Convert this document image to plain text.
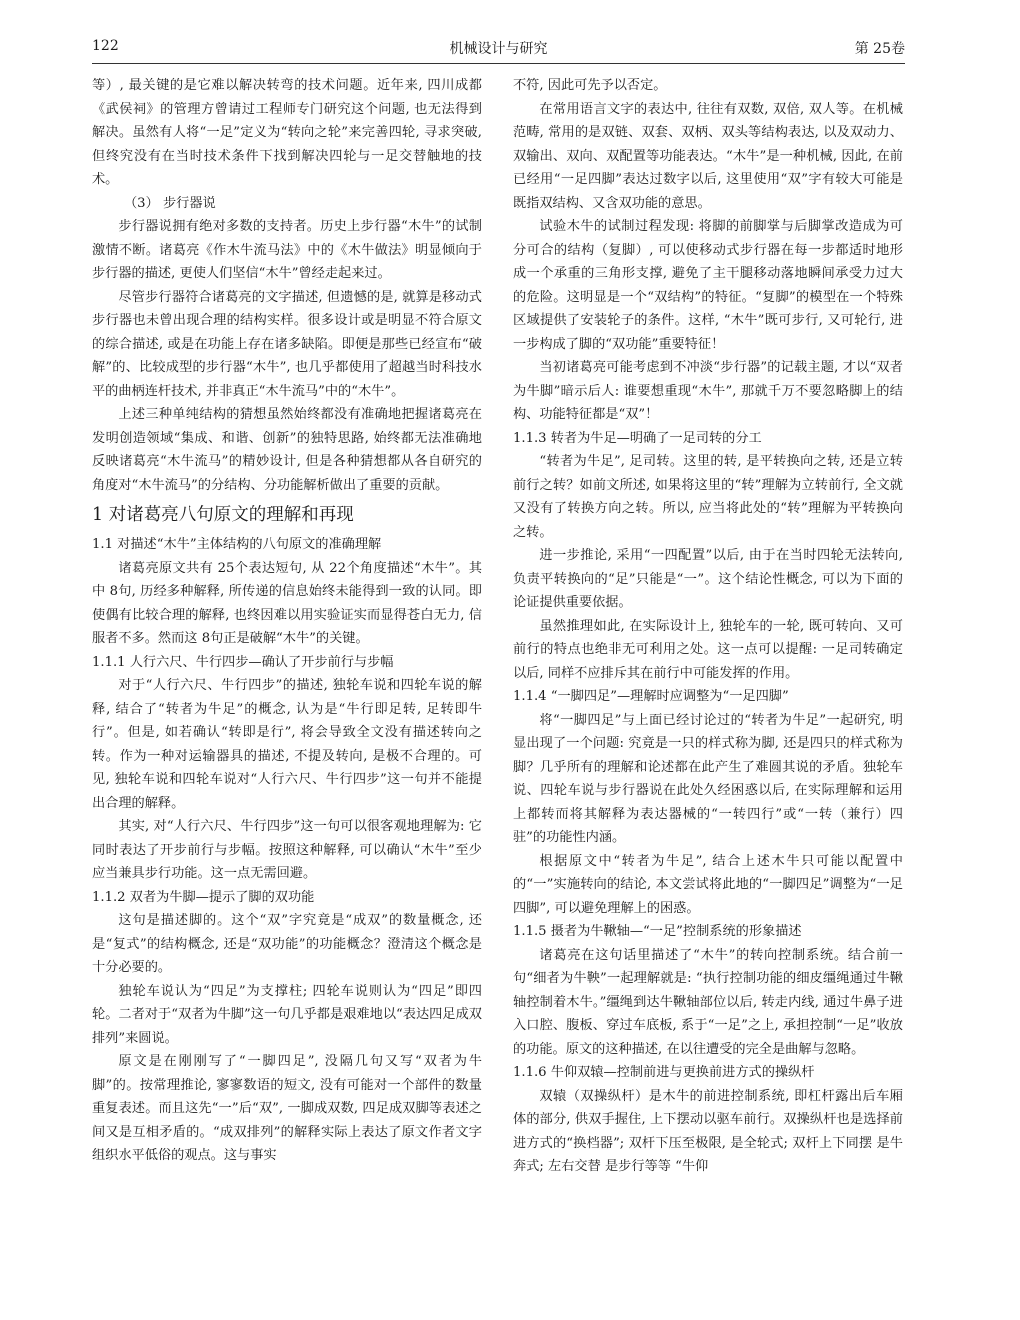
122	机械设计与研究	第 25卷

等）, 最关键的是它难以解决转弯的技术问题。近年来, 四川成都《武侯祠》的管理方曾请过工程师专门研究这个问题, 也无法得到解决。虽然有人将“一足”定义为“转向之轮”来完善四轮, 寻求突破, 但终究没有在当时技术条件下找到解决四轮与一足交替触地的技术。

（3） 步行器说

步行器说拥有绝对多数的支持者。历史上步行器“木牛”的试制激情不断。诸葛亮《作木牛流马法》中的《木牛做法》明显倾向于步行器的描述, 更使人们坚信“木牛”曾经走起来过。

尽管步行器符合诸葛亮的文字描述, 但遗憾的是, 就算是移动式步行器也未曾出现合理的结构实样。很多设计或是明显不符合原文的综合描述, 或是在功能上存在诸多缺陷。即便是那些已经宣布“破解”的、比较成型的步行器“木牛”, 也几乎都使用了超越当时科技水平的曲柄连杆技术, 并非真正“木牛流马”中的“木牛”。

上述三种单纯结构的猜想虽然始终都没有准确地把握诸葛亮在发明创造领域“集成、和谐、创新”的独特思路, 始终都无法准确地反映诸葛亮“木牛流马”的精妙设计, 但是各种猜想都从各自研究的角度对“木牛流马”的分结构、分功能解析做出了重要的贡献。

1 对诸葛亮八句原文的理解和再现
1.1 对描述“木牛”主体结构的八句原文的准确理解

诸葛亮原文共有 25个表达短句, 从 22个角度描述“木牛”。其中 8句, 历经多种解释, 所传递的信息始终未能得到一致的认同。即使偶有比较合理的解释, 也终因难以用实验证实而显得苍白无力, 信服者不多。然而这 8句正是破解“木牛”的关键。

1.1.1 人行六尺、牛行四步—确认了开步前行与步幅

对于“人行六尺、牛行四步”的描述, 独轮车说和四轮车说的解释, 结合了“转者为牛足”的概念, 认为是“牛行即足转, 足转即牛行”。但是, 如若确认“转即是行”, 将会导致全文没有描述转向之转。作为一种对运输器具的描述, 不提及转向, 是极不合理的。可见, 独轮车说和四轮车说对“人行六尺、牛行四步”这一句并不能提出合理的解释。

其实, 对“人行六尺、牛行四步”这一句可以很客观地理解为: 它同时表达了开步前行与步幅。按照这种解释, 可以确认“木牛”至少应当兼具步行功能。这一点无需回避。

1.1.2 双者为牛脚—提示了脚的双功能

这句是描述脚的。这个“双”字究竟是“成双”的数量概念, 还是“复式”的结构概念, 还是“双功能”的功能概念？澄清这个概念是十分必要的。

独轮车说认为“四足”为支撑柱; 四轮车说则认为“四足”即四轮。二者对于“双者为牛脚”这一句几乎都是艰难地以“表达四足成双排列”来圆说。

原文是在刚刚写了“一脚四足”, 没隔几句又写“双者为牛脚”的。按常理推论, 寥寥数语的短文, 没有可能对一个部件的数量重复表述。而且这先“一”后“双”, 一脚成双数, 四足成双脚等表述之间又是互相矛盾的。“成双排列”的解释实际上表达了原文作者文字组织水平低俗的观点。这与事实

不符, 因此可先予以否定。

在常用语言文字的表达中, 往往有双数, 双倍, 双人等。在机械范畴, 常用的是双链、双套、双柄、双头等结构表达, 以及双动力、双输出、双向、双配置等功能表达。“木牛”是一种机械, 因此, 在前已经用“一足四脚”表达过数字以后, 这里使用“双”字有较大可能是既指双结构、又含双功能的意思。

试验木牛的试制过程发现: 将脚的前脚掌与后脚掌改造成为可分可合的结构（复脚）, 可以使移动式步行器在每一步都适时地形成一个承重的三角形支撑, 避免了主干腿移动落地瞬间承受力过大的危险。这明显是一个“双结构”的特征。“复脚”的模型在一个特殊区域提供了安装轮子的条件。这样, “木牛”既可步行, 又可轮行, 进一步构成了脚的“双功能”重要特征！

当初诸葛亮可能考虑到不冲淡“步行器”的记载主题, 才以“双者为牛脚”暗示后人: 谁要想重现“木牛”, 那就千万不要忽略脚上的结构、功能特征都是“双”！

1.1.3 转者为牛足—明确了一足司转的分工

“转者为牛足”, 足司转。这里的转, 是平转换向之转, 还是立转前行之转？如前文所述, 如果将这里的“转”理解为立转前行, 全文就又没有了转换方向之转。所以, 应当将此处的“转”理解为平转换向之转。

进一步推论, 采用“一四配置”以后, 由于在当时四轮无法转向, 负责平转换向的“足”只能是“一”。这个结论性概念, 可以为下面的论证提供重要依据。

虽然推理如此, 在实际设计上, 独轮车的一轮, 既可转向、又可前行的特点也绝非无可利用之处。这一点可以提醒: 一足司转确定以后, 同样不应排斥其在前行中可能发挥的作用。

1.1.4 “一脚四足”—理解时应调整为“一足四脚”

将“一脚四足”与上面已经讨论过的“转者为牛足”一起研究, 明显出现了一个问题: 究竟是一只的样式称为脚, 还是四只的样式称为脚？几乎所有的理解和论述都在此产生了难圆其说的矛盾。独轮车说、四轮车说与步行器说在此处久经困惑以后, 在实际理解和运用上都转而将其解释为表达器械的“一转四行”或“一转（兼行）四驻”的功能性内涵。

根据原文中“转者为牛足”, 结合上述木牛只可能以配置中的“一”实施转向的结论, 本文尝试将此地的“一脚四足”调整为“一足四脚”, 可以避免理解上的困惑。

1.1.5 摄者为牛鞦轴—“一足”控制系统的形象描述

诸葛亮在这句话里描述了“木牛”的转向控制系统。结合前一句“细者为牛鞅”一起理解就是: “执行控制功能的细皮缰绳通过牛鞦轴控制着木牛。”缰绳到达牛鞦轴部位以后, 转走内线, 通过牛鼻子进入口腔、腹板、穿过车底板, 系于“一足”之上, 承担控制“一足”收放的功能。原文的这种描述, 在以往遭受的完全是曲解与忽略。

1.1.6 牛仰双辕—控制前进与更换前进方式的操纵杆

双辕（双操纵杆）是木牛的前进控制系统, 即杠杆露出后车厢体的部分, 供双手握住, 上下摆动以驱车前行。双操纵杆也是选择前进方式的“换档器”; 双杆下压至极限, 是全轮式; 双杆上下同摆 是牛奔式; 左右交替 是步行等等 “牛仰
